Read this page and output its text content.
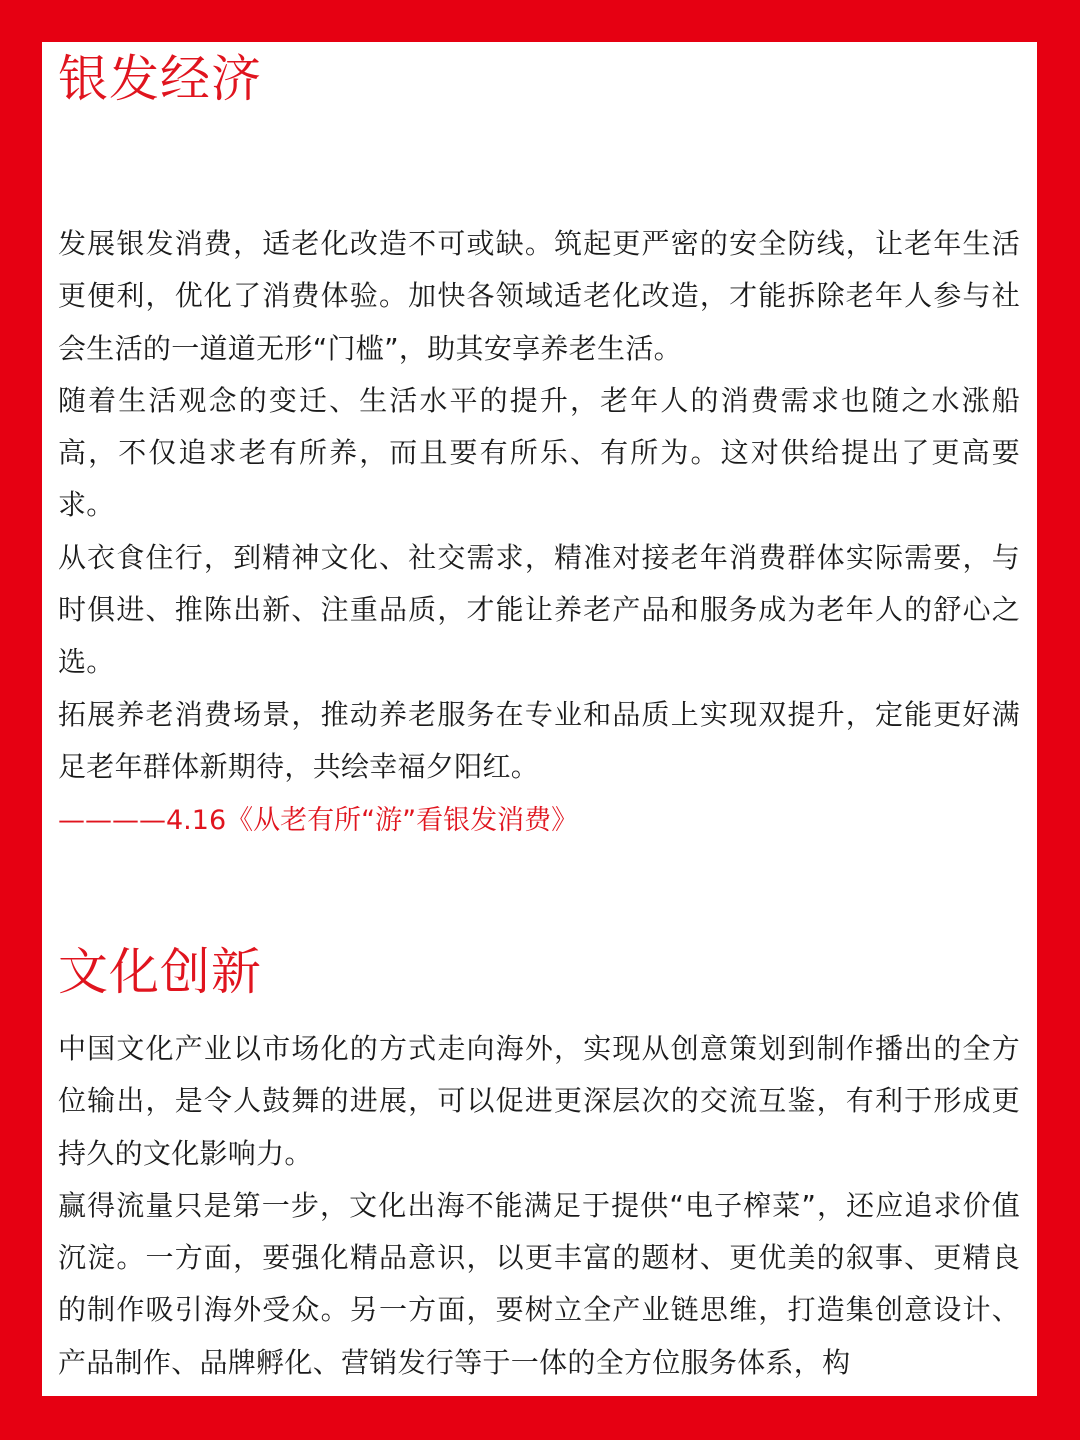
银发经济

发展银发消费，适老化改造不可或缺。筑起更严密的安全防线，让老年生活更便利，优化了消费体验。加快各领域适老化改造，才能拆除老年人参与社会生活的一道道无形“门槛”，助其安享养老生活。

随着生活观念的变迁、生活水平的提升，老年人的消费需求也随之水涨船高，不仅追求老有所养，而且要有所乐、有所为。这对供给提出了更高要求。

从衣食住行，到精神文化、社交需求，精准对接老年消费群体实际需要，与时俱进、推陈出新、注重品质，才能让养老产品和服务成为老年人的舒心之选。

拓展养老消费场景，推动养老服务在专业和品质上实现双提升，定能更好满足老年群体新期待，共绘幸福夕阳红。

————4.16《从老有所“游”看银发消费》

文化创新

中国文化产业以市场化的方式走向海外，实现从创意策划到制作播出的全方位输出，是令人鼓舞的进展，可以促进更深层次的交流互鉴，有利于形成更持久的文化影响力。

赢得流量只是第一步，文化出海不能满足于提供“电子榨菜”，还应追求价值沉淀。一方面，要强化精品意识，以更丰富的题材、更优美的叙事、更精良的制作吸引海外受众。另一方面，要树立全产业链思维，打造集创意设计、产品制作、品牌孵化、营销发行等于一体的全方位服务体系，构
